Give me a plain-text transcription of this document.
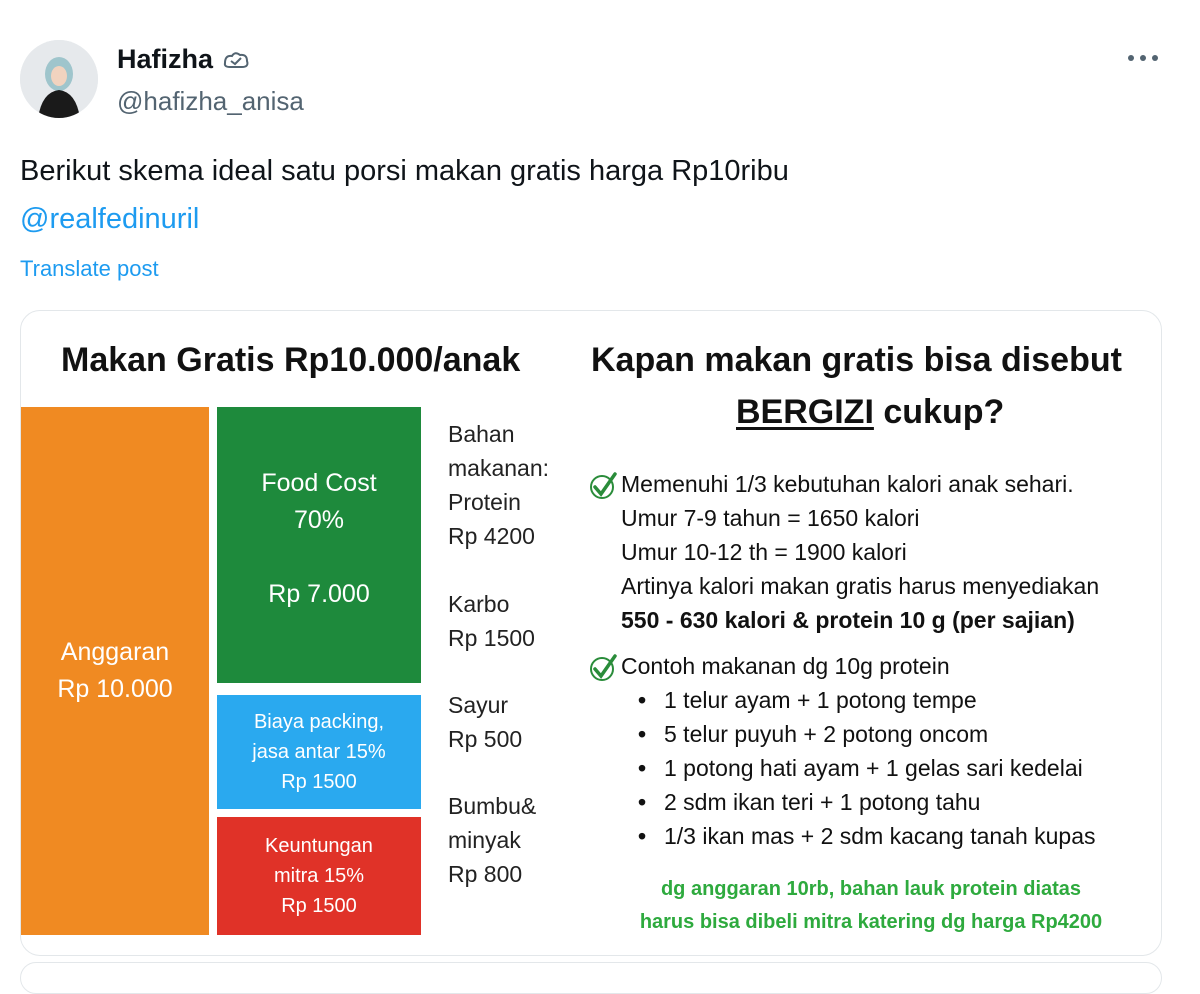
Hafizha
@hafizha_anisa
Berikut skema ideal satu porsi makan gratis harga Rp10ribu
@realfedinuril
Translate post
Makan Gratis Rp10.000/anak Kapan makan gratis bisa disebut
BERGIZI cukup?
Anggaran
Rp 10.000
Food Cost
70%
Rp 7.000
Biaya packing,
jasa antar 15%
Rp 1500
Keuntungan
mitra 15%
Rp 1500
Bahan
makanan:
Protein
Rp 4200
Karbo
Rp 1500
Sayur
Rp 500
Bumbu&
minyak
Rp 800
Memenuhi 1/3 kebutuhan kalori anak sehari.
Umur 7-9 tahun = 1650 kalori
Umur 10-12 th = 1900 kalori
Artinya kalori makan gratis harus menyediakan
550 - 630 kalori & protein 10 g (per sajian)
Contoh makanan dg 10g protein
• 1 telur ayam + 1 potong tempe
• 5 telur puyuh + 2 potong oncom
• 1 potong hati ayam + 1 gelas sari kedelai
• 2 sdm ikan teri + 1 potong tahu
• 1/3 ikan mas + 2 sdm kacang tanah kupas
dg anggaran 10rb, bahan lauk protein diatas
harus bisa dibeli mitra katering dg harga Rp4200
